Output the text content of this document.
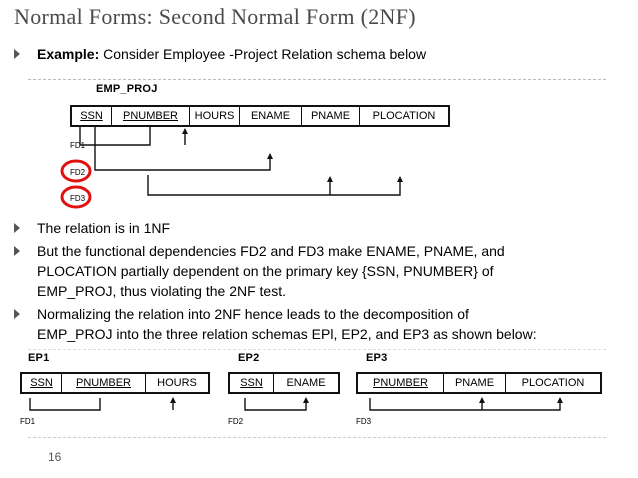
Normal Forms: Second Normal Form (2NF)
Example: Consider Employee -Project Relation schema below
EMP_PROJ
SSN	PNUMBER	HOURS	ENAME	PNAME	PLOCATION
FD1
FD2
FD3
The relation is in 1NF
But the functional dependencies FD2 and FD3 make ENAME, PNAME, and
PLOCATION partially dependent on the primary key {SSN, PNUMBER} of
EMP_PROJ, thus violating the 2NF test.
Normalizing the relation into 2NF hence leads to the decomposition of
EMP_PROJ into the three relation schemas EPl, EP2, and EP3 as shown below:
EP1
SSN	PNUMBER	HOURS
FD1
EP2
SSN	ENAME
FD2
EP3
PNUMBER	PNAME	PLOCATION
FD3
16
